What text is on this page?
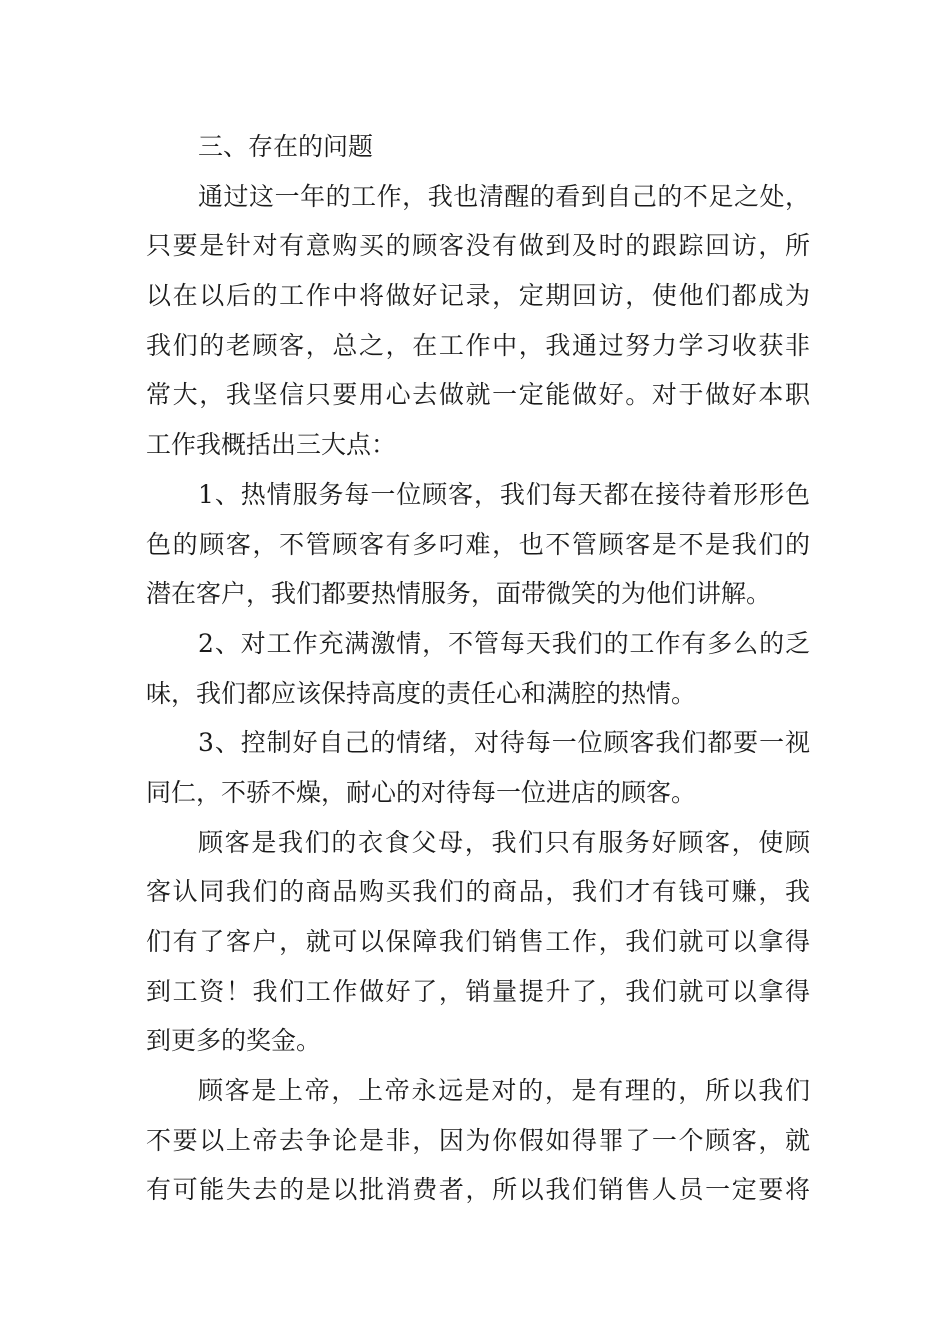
三、存在的问题
通过这一年的工作，我也清醒的看到自己的不足之处，
只要是针对有意购买的顾客没有做到及时的跟踪回访，所
以在以后的工作中将做好记录，定期回访，使他们都成为
我们的老顾客，总之，在工作中，我通过努力学习收获非
常大，我坚信只要用心去做就一定能做好。对于做好本职
工作我概括出三大点：
1、热情服务每一位顾客，我们每天都在接待着形形色
色的顾客，不管顾客有多叼难，也不管顾客是不是我们的
潜在客户，我们都要热情服务，面带微笑的为他们讲解。
2、对工作充满激情，不管每天我们的工作有多么的乏
味，我们都应该保持高度的责任心和满腔的热情。
3、控制好自己的情绪，对待每一位顾客我们都要一视
同仁，不骄不燥，耐心的对待每一位进店的顾客。
顾客是我们的衣食父母，我们只有服务好顾客，使顾
客认同我们的商品购买我们的商品，我们才有钱可赚，我
们有了客户，就可以保障我们销售工作，我们就可以拿得
到工资！我们工作做好了，销量提升了，我们就可以拿得
到更多的奖金。
顾客是上帝，上帝永远是对的，是有理的，所以我们
不要以上帝去争论是非，因为你假如得罪了一个顾客，就
有可能失去的是以批消费者，所以我们销售人员一定要将
